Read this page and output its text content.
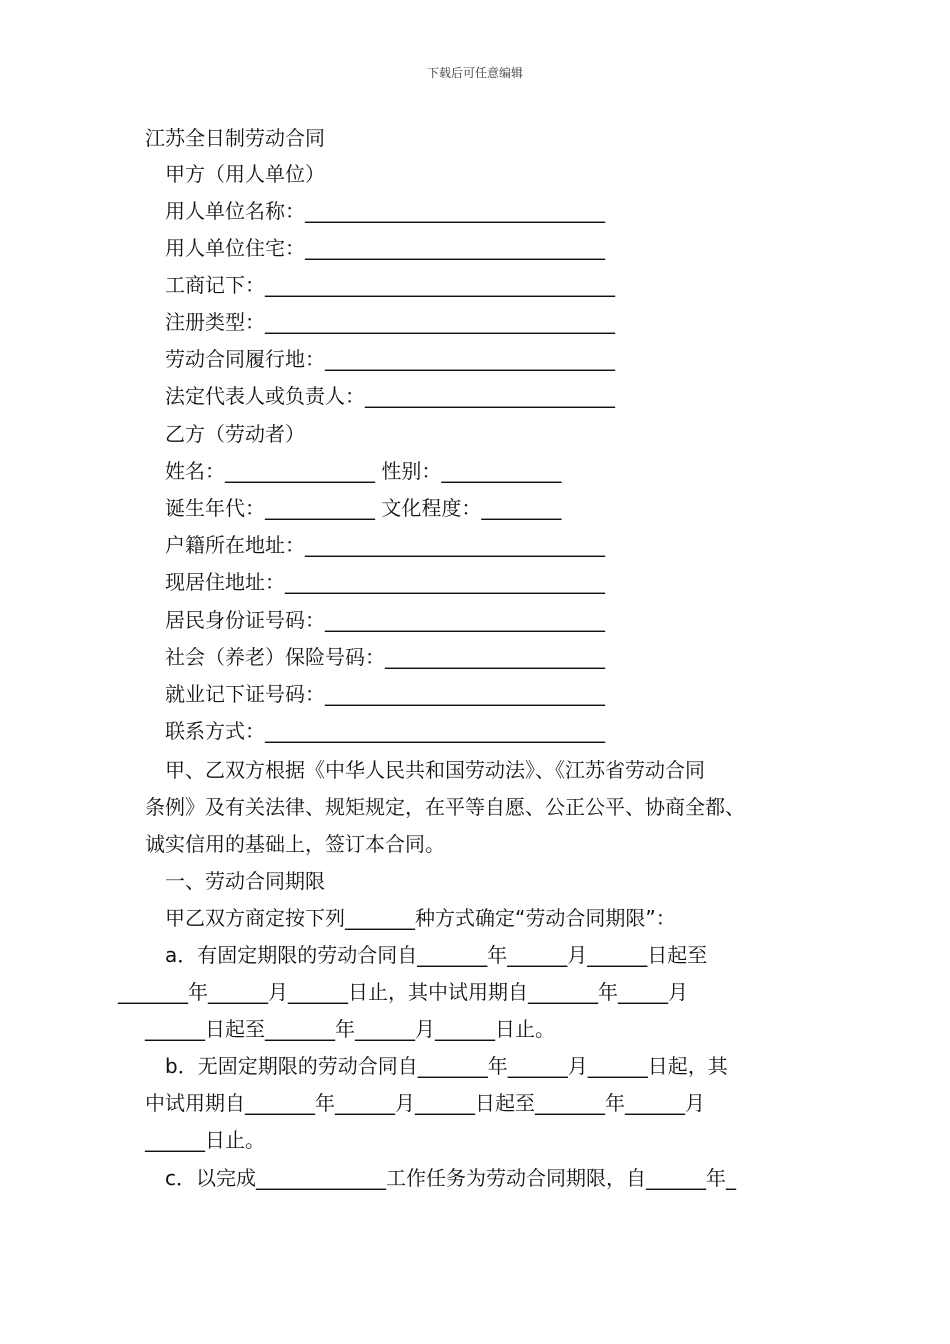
下载后可任意编辑
江苏全日制劳动合同
甲方（用人单位）
用人单位名称：______________________________
用人单位住宅：______________________________
工商记下：___________________________________
注册类型：___________________________________
劳动合同履行地：_____________________________
法定代表人或负责人：_________________________
乙方（劳动者）
姓名：_______________ 性别：____________
诞生年代：___________ 文化程度：________
户籍所在地址：______________________________
现居住地址：________________________________
居民身份证号码：____________________________
社会（养老）保险号码：______________________
就业记下证号码：____________________________
联系方式：__________________________________
甲、乙双方根据《中华人民共和国劳动法》、《江苏省劳动合同
条例》及有关法律、规矩规定，在平等自愿、公正公平、协商全都、
诚实信用的基础上，签订本合同。
一、劳动合同期限
甲乙双方商定按下列_______种方式确定“劳动合同期限”：
a．有固定期限的劳动合同自_______年______月______日起至
_______年______月______日止，其中试用期自_______年_____月
______日起至_______年______月______日止。
b．无固定期限的劳动合同自_______年______月______日起，其
中试用期自_______年______月______日起至_______年______月
______日止。
c．以完成_____________工作任务为劳动合同期限，自______年_
